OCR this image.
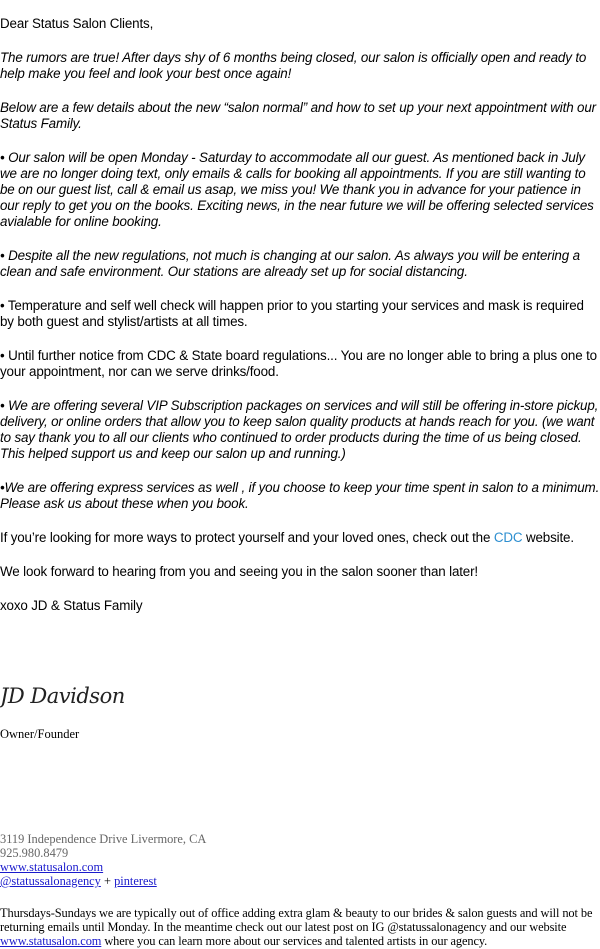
Dear Status Salon Clients,

The rumors are true! After days shy of 6 months being closed, our salon is officially open and ready to help make you feel and look your best once again!

Below are a few details about the new “salon normal” and how to set up your next appointment with our Status Family.

• Our salon will be open Monday - Saturday to accommodate all our guest. As mentioned back in July we are no longer doing text, only emails & calls for booking all appointments. If you are still wanting to be on our guest list, call & email us asap, we miss you! We thank you in advance for your patience in our reply to get you on the books. Exciting news, in the near future we will be offering selected services avialable for online booking.

• Despite all the new regulations, not much is changing at our salon. As always you will be entering a clean and safe environment. Our stations are already set up for social distancing.

• Temperature and self well check will happen prior to you starting your services and mask is required by both guest and stylist/artists at all times.

• Until further notice from CDC & State board regulations... You are no longer able to bring a plus one to your appointment, nor can we serve drinks/food.

• We are offering several VIP Subscription packages on services and will still be offering in-store pickup, delivery, or online orders that allow you to keep salon quality products at hands reach for you. (we want to say thank you to all our clients who continued to order products during the time of us being closed. This helped support us and keep our salon up and running.)

•We are offering express services as well , if you choose to keep your time spent in salon to a minimum. Please ask us about these when you book.

If you’re looking for more ways to protect yourself and your loved ones, check out the CDC website.

We look forward to hearing from you and seeing you in the salon sooner than later!

xoxo JD & Status Family

JD Davidson
Owner/Founder
3119 Independence Drive Livermore, CA
925.980.8479
www.statusalon.com
@statussalonagency + pinterest
Thursdays-Sundays we are typically out of office adding extra glam & beauty to our brides & salon guests and will not be returning emails until Monday. In the meantime check out our latest post on IG @statussalonagency and our website www.statusalon.com where you can learn more about our services and talented artists in our agency.
